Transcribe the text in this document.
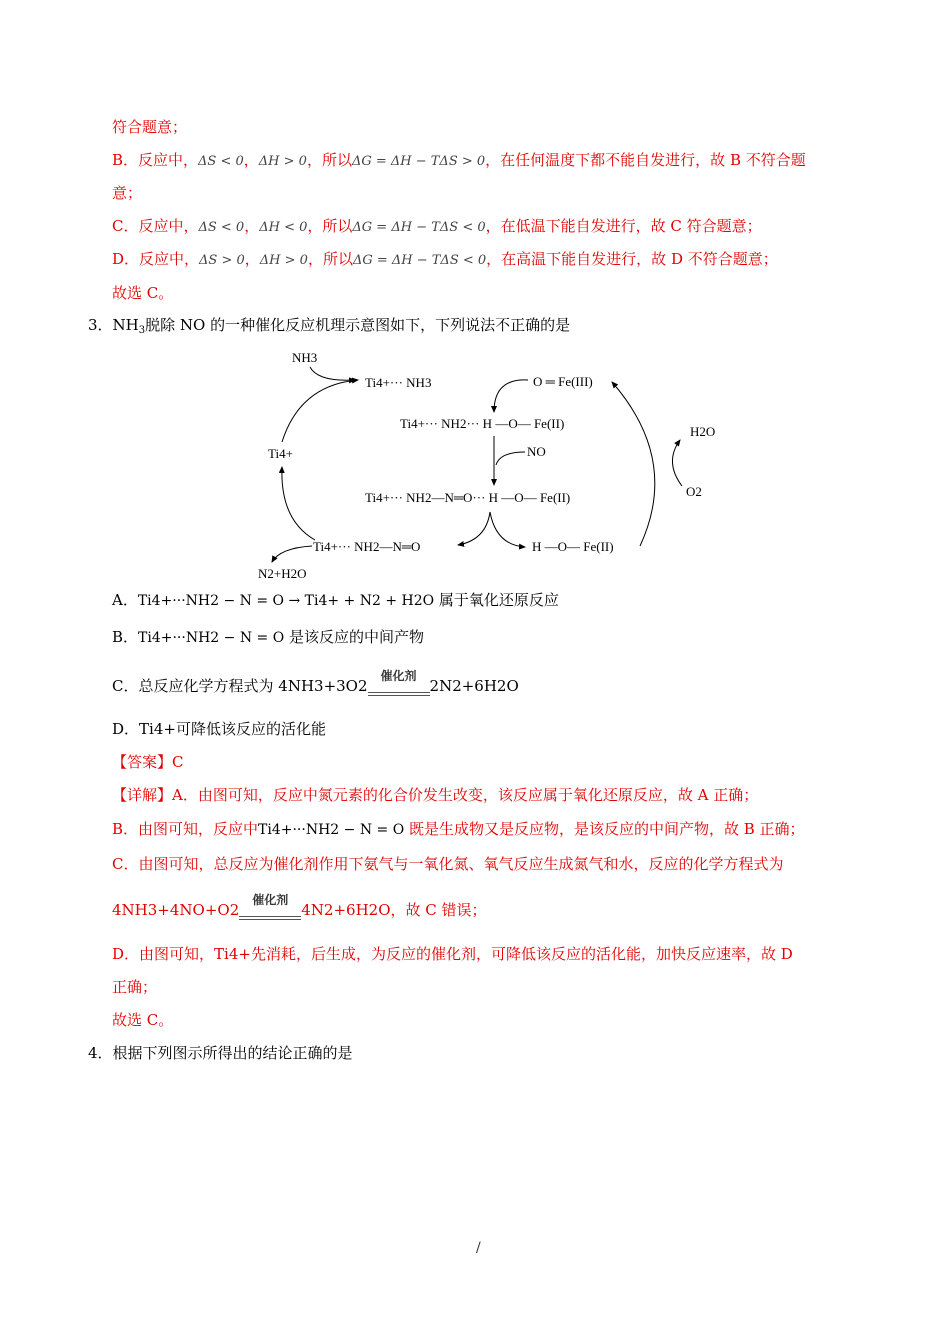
符合题意；
B．反应中，ΔS < 0，ΔH > 0，所以ΔG = ΔH − TΔS > 0，在任何温度下都不能自发进行，故 B 不符合题
意；
C．反应中，ΔS < 0，ΔH < 0，所以ΔG = ΔH − TΔS < 0，在低温下能自发进行，故 C 符合题意；
D．反应中，ΔS > 0，ΔH > 0，所以ΔG = ΔH − TΔS < 0，在高温下能自发进行，故 D 不符合题意；
故选 C。
3．$NH_3$脱除 NO 的一种催化反应机理示意图如下，下列说法不正确的是
NH3
Ti4+··· NH3	O ═ Fe(III)
Ti4+··· NH2··· H —O— Fe(II)
NO
Ti4+
Ti4+··· NH2—N═O··· H —O— Fe(II)
Ti4+··· NH2—N═O	H —O— Fe(II)
N2+H2O
O2
H2O
A．Ti4+···NH2 − N = O → Ti4+ + N2 + H2O 属于氧化还原反应
B．Ti4+···NH2 − N = O 是该反应的中间产物
C．总反应化学方程式为 4NH3+3O2
催化剂
2N2+6H2O
D．Ti4+可降低该反应的活化能
【答案】C
【详解】A．由图可知，反应中氮元素的化合价发生改变，该反应属于氧化还原反应，故 A 正确；
B．由图可知，反应中Ti4+···NH2 − N = O 既是生成物又是反应物，是该反应的中间产物，故 B 正确；
C．由图可知，总反应为催化剂作用下氨气与一氧化氮、氧气反应生成氮气和水，反应的化学方程式为
4NH3+4NO+O2
催化剂
4N2+6H2O，故 C 错误；
D．由图可知，Ti4+先消耗，后生成，为反应的催化剂，可降低该反应的活化能，加快反应速率，故 D
正确；
故选 C。
4．根据下列图示所得出的结论正确的是
/
